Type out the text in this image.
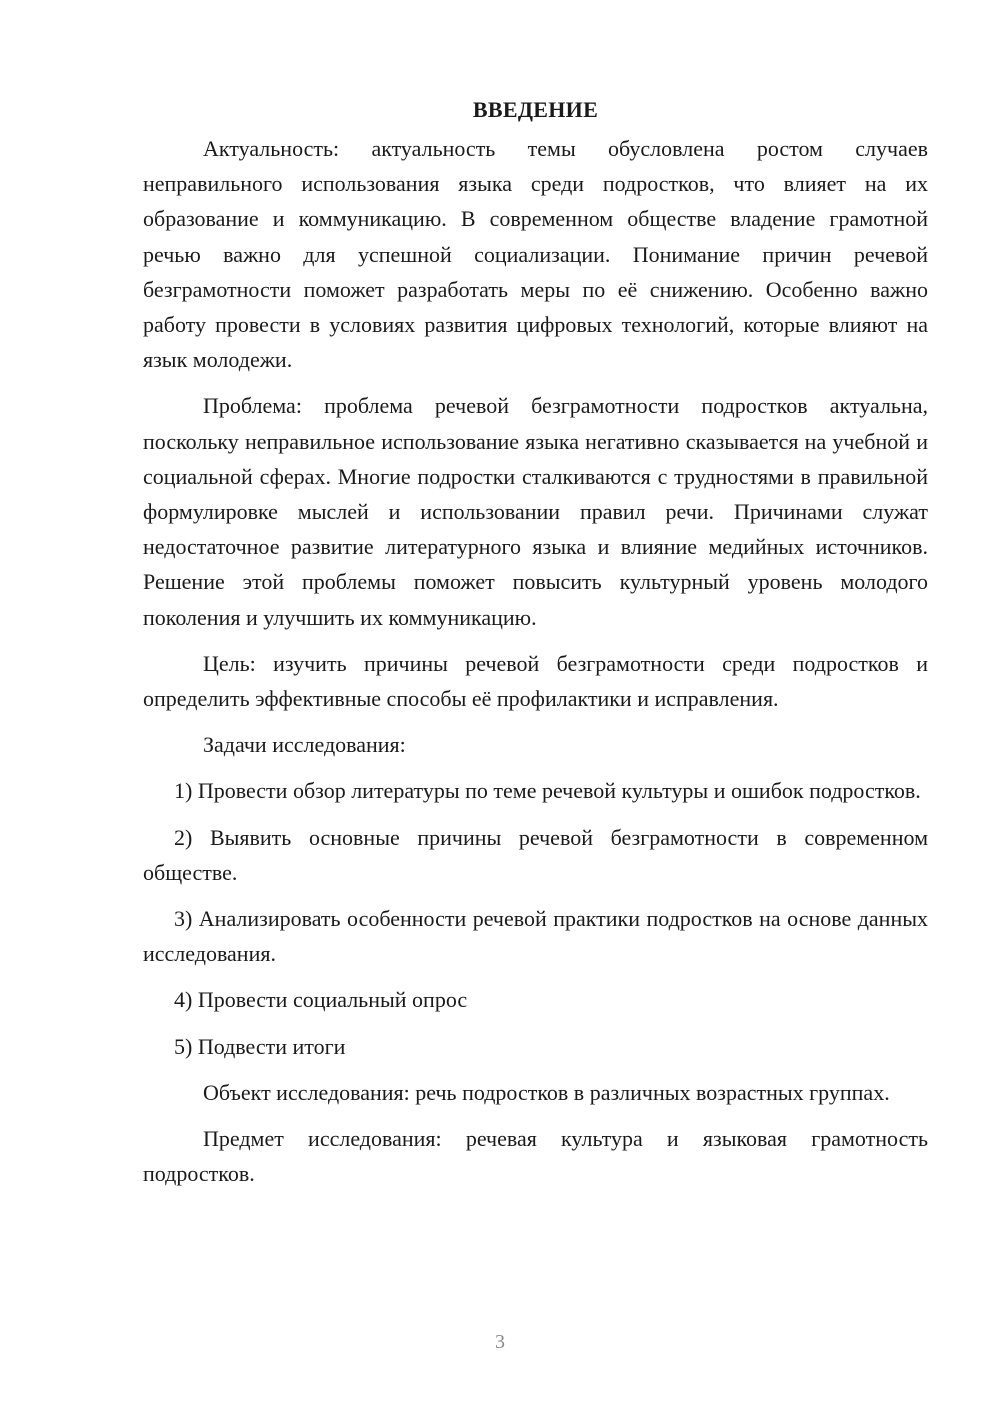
ВВЕДЕНИЕ

Актуальность: актуальность темы обусловлена ростом случаев неправильного использования языка среди подростков, что влияет на их образование и коммуникацию. В современном обществе владение грамотной речью важно для успешной социализации. Понимание причин речевой безграмотности поможет разработать меры по её снижению. Особенно важно работу провести в условиях развития цифровых технологий, которые влияют на язык молодежи.

Проблема: проблема речевой безграмотности подростков актуальна, поскольку неправильное использование языка негативно сказывается на учебной и социальной сферах. Многие подростки сталкиваются с трудностями в правильной формулировке мыслей и использовании правил речи. Причинами служат недостаточное развитие литературного языка и влияние медийных источников. Решение этой проблемы поможет повысить культурный уровень молодого поколения и улучшить их коммуникацию.

Цель: изучить причины речевой безграмотности среди подростков и определить эффективные способы её профилактики и исправления.

Задачи исследования:

1) Провести обзор литературы по теме речевой культуры и ошибок подростков.

2) Выявить основные причины речевой безграмотности в современном обществе.

3) Анализировать особенности речевой практики подростков на основе данных исследования.

4) Провести социальный опрос

5) Подвести итоги

Объект исследования: речь подростков в различных возрастных группах.

Предмет исследования: речевая культура и языковая грамотность подростков.

3
